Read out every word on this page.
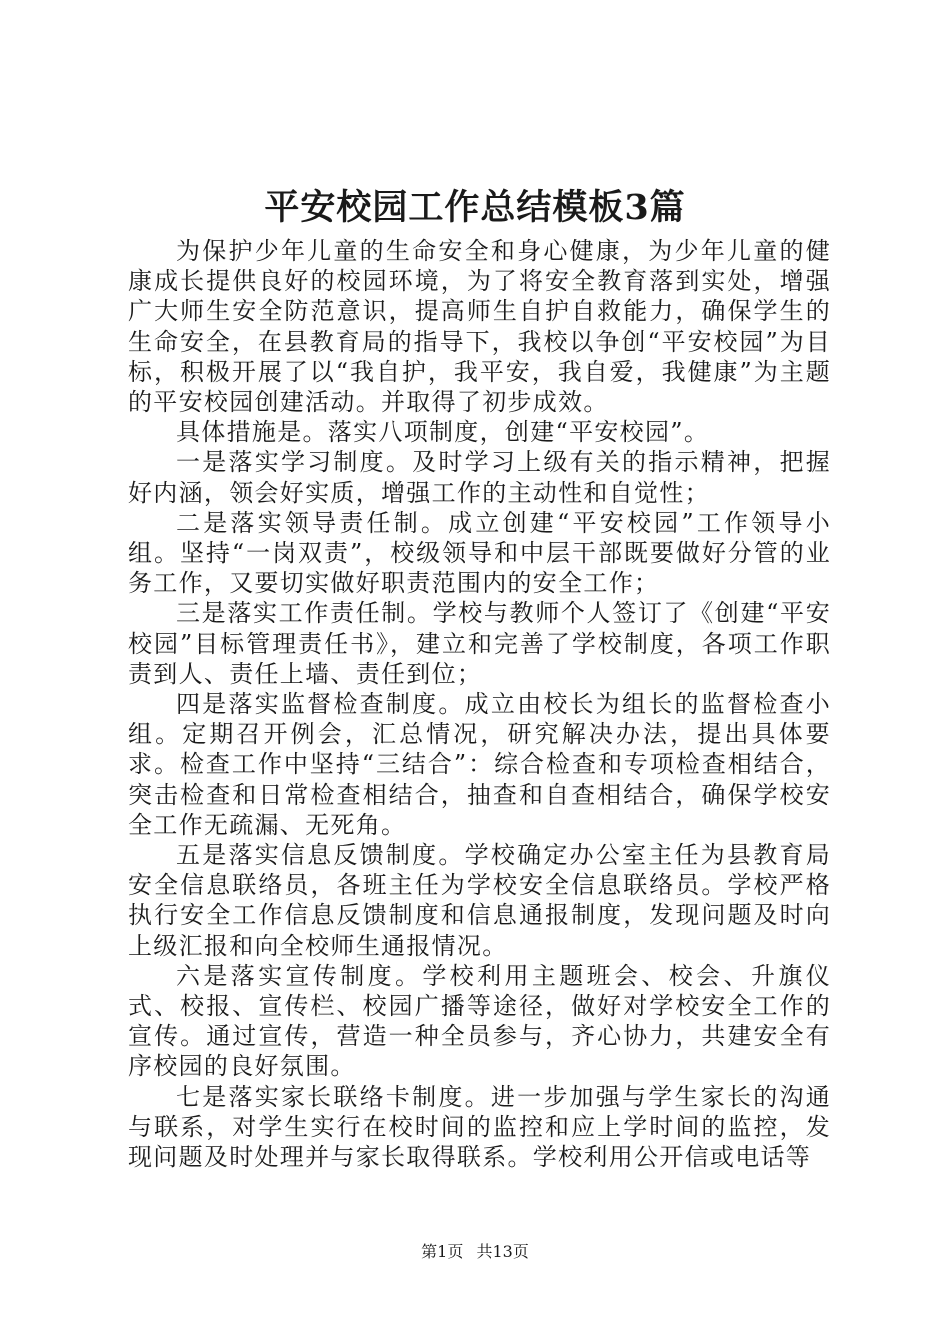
平安校园工作总结模板3篇

为保护少年儿童的生命安全和身心健康，为少年儿童的健康成长提供良好的校园环境，为了将安全教育落到实处，增强广大师生安全防范意识，提高师生自护自救能力，确保学生的生命安全，在县教育局的指导下，我校以争创“平安校园”为目标，积极开展了以“我自护，我平安，我自爱，我健康”为主题的平安校园创建活动。并取得了初步成效。

具体措施是。落实八项制度，创建“平安校园”。

一是落实学习制度。及时学习上级有关的指示精神，把握好内涵，领会好实质，增强工作的主动性和自觉性；

二是落实领导责任制。成立创建“平安校园”工作领导小组。坚持“一岗双责”，校级领导和中层干部既要做好分管的业务工作，又要切实做好职责范围内的安全工作；

三是落实工作责任制。学校与教师个人签订了《创建“平安校园”目标管理责任书》，建立和完善了学校制度，各项工作职责到人、责任上墙、责任到位；

四是落实监督检查制度。成立由校长为组长的监督检查小组。定期召开例会，汇总情况，研究解决办法，提出具体要求。检查工作中坚持“三结合”：综合检查和专项检查相结合，突击检查和日常检查相结合，抽查和自查相结合，确保学校安全工作无疏漏、无死角。

五是落实信息反馈制度。学校确定办公室主任为县教育局安全信息联络员，各班主任为学校安全信息联络员。学校严格执行安全工作信息反馈制度和信息通报制度，发现问题及时向上级汇报和向全校师生通报情况。

六是落实宣传制度。学校利用主题班会、校会、升旗仪式、校报、宣传栏、校园广播等途径，做好对学校安全工作的宣传。通过宣传，营造一种全员参与，齐心协力，共建安全有序校园的良好氛围。

七是落实家长联络卡制度。进一步加强与学生家长的沟通与联系，对学生实行在校时间的监控和应上学时间的监控，发现问题及时处理并与家长取得联系。学校利用公开信或电话等

第1页 共13页
